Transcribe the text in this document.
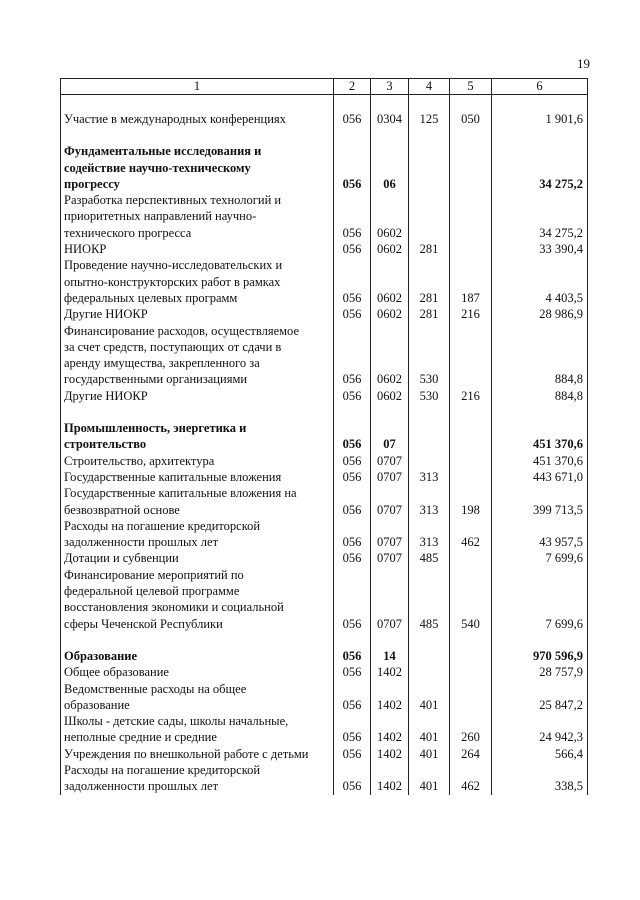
19
1	2	3	4	5	6

Участие в международных конференциях	056	0304	125	050	1 901,6

Фундаментальные исследования и
содействие научно-техническому
прогрессу	056	06			34 275,2
Разработка перспективных технологий и
приоритетных направлений научно-
технического прогресса	056	0602			34 275,2
НИОКР	056	0602	281		33 390,4
Проведение научно-исследовательских и
опытно-конструкторских работ в рамках
федеральных целевых программ	056	0602	281	187	4 403,5
Другие НИОКР	056	0602	281	216	28 986,9
Финансирование расходов, осуществляемое
за счет средств, поступающих от сдачи в
аренду имущества, закрепленного за
государственными организациями	056	0602	530		884,8
Другие НИОКР	056	0602	530	216	884,8

Промышленность, энергетика и
строительство	056	07			451 370,6
Строительство, архитектура	056	0707			451 370,6
Государственные капитальные вложения	056	0707	313		443 671,0
Государственные капитальные вложения на
безвозвратной основе	056	0707	313	198	399 713,5
Расходы на погашение кредиторской
задолженности прошлых лет	056	0707	313	462	43 957,5
Дотации и субвенции	056	0707	485		7 699,6
Финансирование мероприятий по
федеральной целевой программе
восстановления экономики и социальной
сферы Чеченской Республики	056	0707	485	540	7 699,6

Образование	056	14			970 596,9
Общее образование	056	1402			28 757,9
Ведомственные расходы на общее
образование	056	1402	401		25 847,2
Школы - детские сады, школы начальные,
неполные средние и средние	056	1402	401	260	24 942,3
Учреждения по внешкольной работе с детьми	056	1402	401	264	566,4
Расходы на погашение кредиторской
задолженности прошлых лет	056	1402	401	462	338,5
